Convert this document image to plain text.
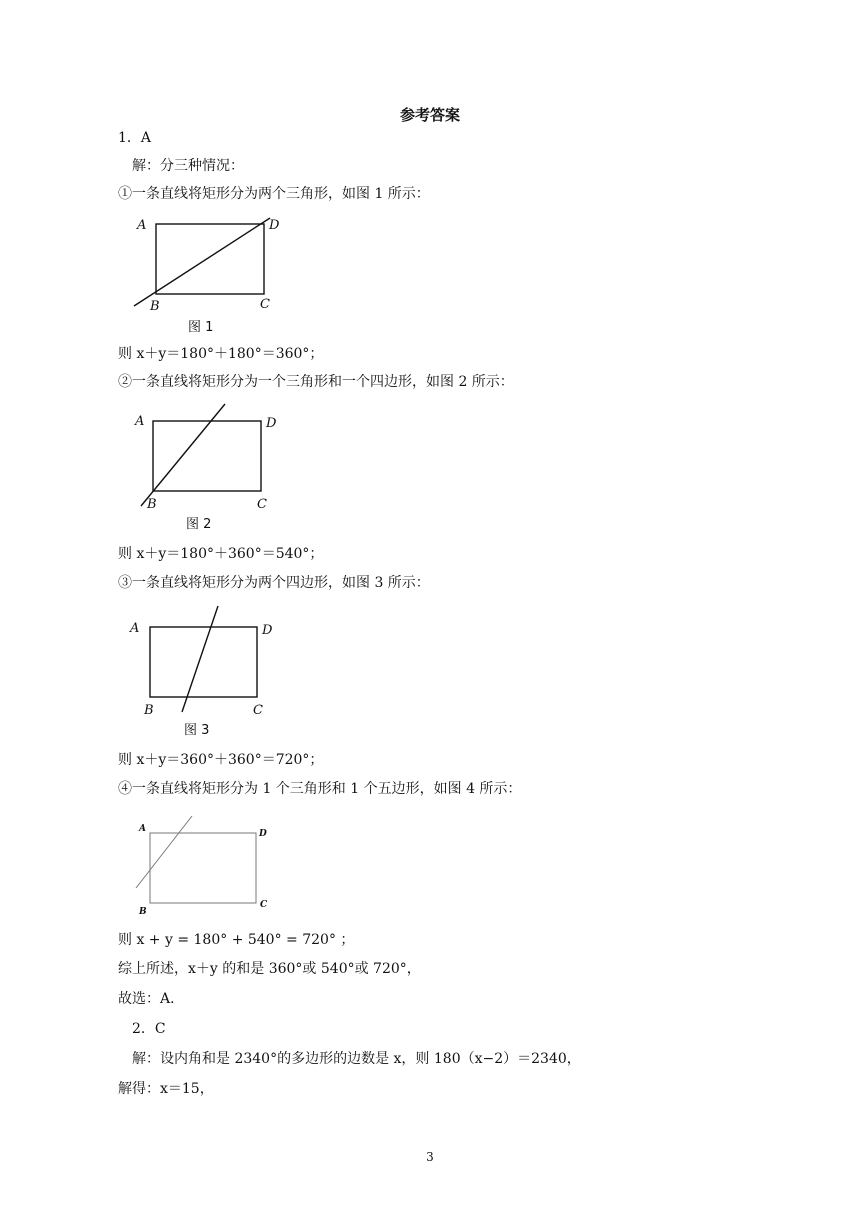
参考答案
1．A
解：分三种情况：
①一条直线将矩形分为两个三角形，如图 1 所示：
A	D
B	C
图 1
则 x＋y＝180°＋180°＝360°；
②一条直线将矩形分为一个三角形和一个四边形，如图 2 所示：
A	D
B	C
图 2
则 x＋y＝180°＋360°＝540°；
③一条直线将矩形分为两个四边形，如图 3 所示：
A	D
B	C
图 3
则 x＋y＝360°＋360°＝720°；
④一条直线将矩形分为 1 个三角形和 1 个五边形，如图 4 所示：
A	D
B
C
则 x + y = 180° + 540° = 720° ；
综上所述，x＋y 的和是 360°或 540°或 720°，
故选：A．
2．C
解：设内角和是 2340°的多边形的边数是 x，则 180（x−2）＝2340，
解得：x＝15，
3
